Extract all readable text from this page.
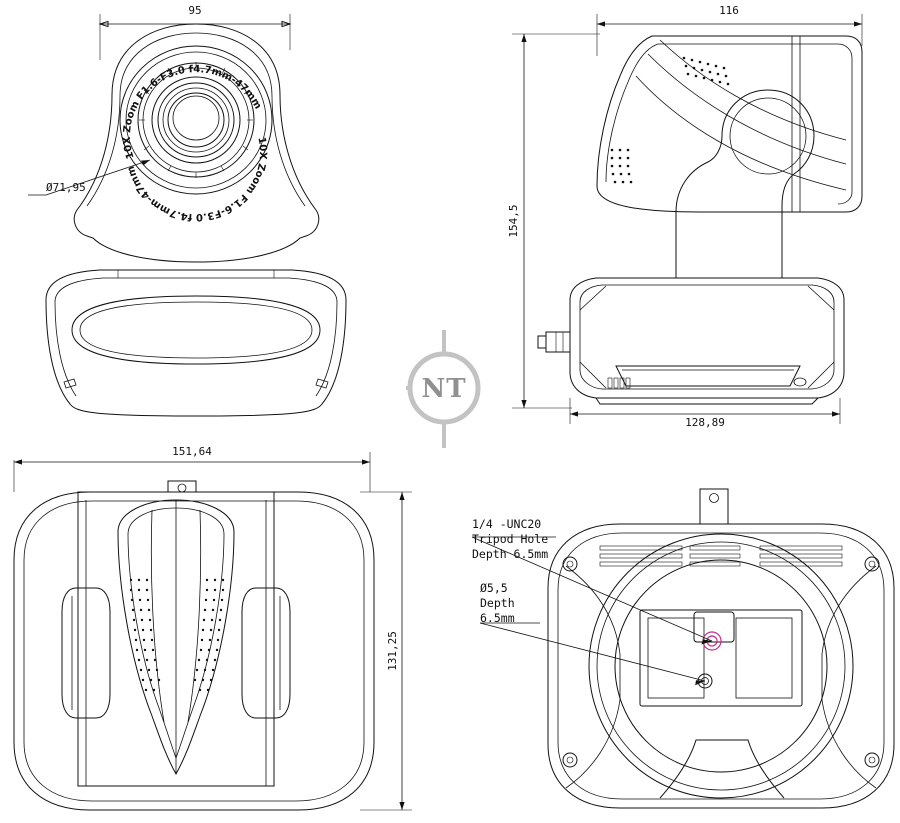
95
10X Zoom F1.6-F3.0 f4.7mm-47mm
10X Zoom F1.6-F3.0 f4.7mm-47mm
Ø71,95
116
154,5
128,89
NT
151,64
131,25
1/4 -UNC20
Tripod Hole
Depth 6.5mm
Ø5,5
Depth
6.5mm
